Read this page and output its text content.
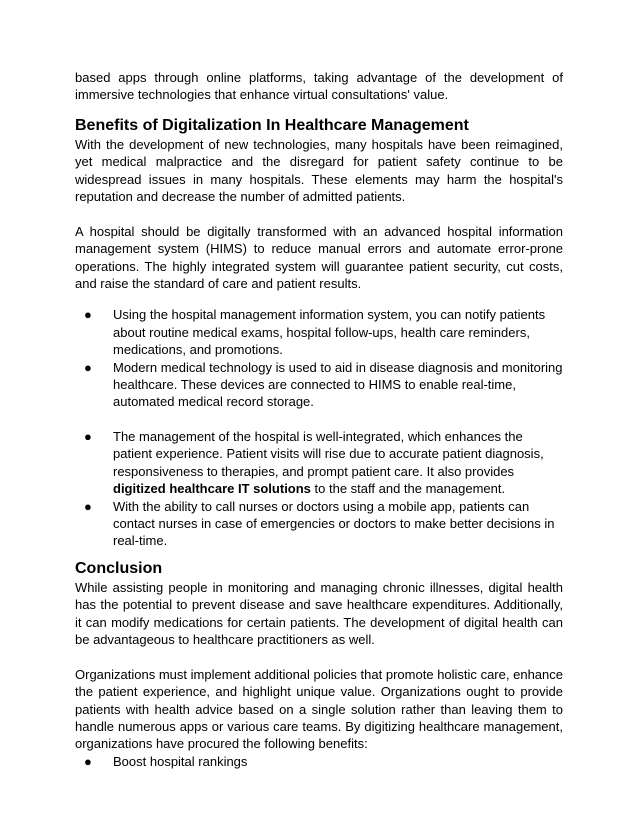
based apps through online platforms, taking advantage of the development of immersive technologies that enhance virtual consultations' value.

Benefits of Digitalization In Healthcare Management

With the development of new technologies, many hospitals have been reimagined, yet medical malpractice and the disregard for patient safety continue to be widespread issues in many hospitals. These elements may harm the hospital's reputation and decrease the number of admitted patients.

A hospital should be digitally transformed with an advanced hospital information management system (HIMS) to reduce manual errors and automate error-prone operations. The highly integrated system will guarantee patient security, cut costs, and raise the standard of care and patient results.

● Using the hospital management information system, you can notify patients about routine medical exams, hospital follow-ups, health care reminders, medications, and promotions.
● Modern medical technology is used to aid in disease diagnosis and monitoring healthcare. These devices are connected to HIMS to enable real-time, automated medical record storage.
● The management of the hospital is well-integrated, which enhances the patient experience. Patient visits will rise due to accurate patient diagnosis, responsiveness to therapies, and prompt patient care. It also provides digitized healthcare IT solutions to the staff and the management.
● With the ability to call nurses or doctors using a mobile app, patients can contact nurses in case of emergencies or doctors to make better decisions in real-time.
Conclusion

While assisting people in monitoring and managing chronic illnesses, digital health has the potential to prevent disease and save healthcare expenditures. Additionally, it can modify medications for certain patients. The development of digital health can be advantageous to healthcare practitioners as well.

Organizations must implement additional policies that promote holistic care, enhance the patient experience, and highlight unique value. Organizations ought to provide patients with health advice based on a single solution rather than leaving them to handle numerous apps or various care teams. By digitizing healthcare management, organizations have procured the following benefits:

● Boost hospital rankings
